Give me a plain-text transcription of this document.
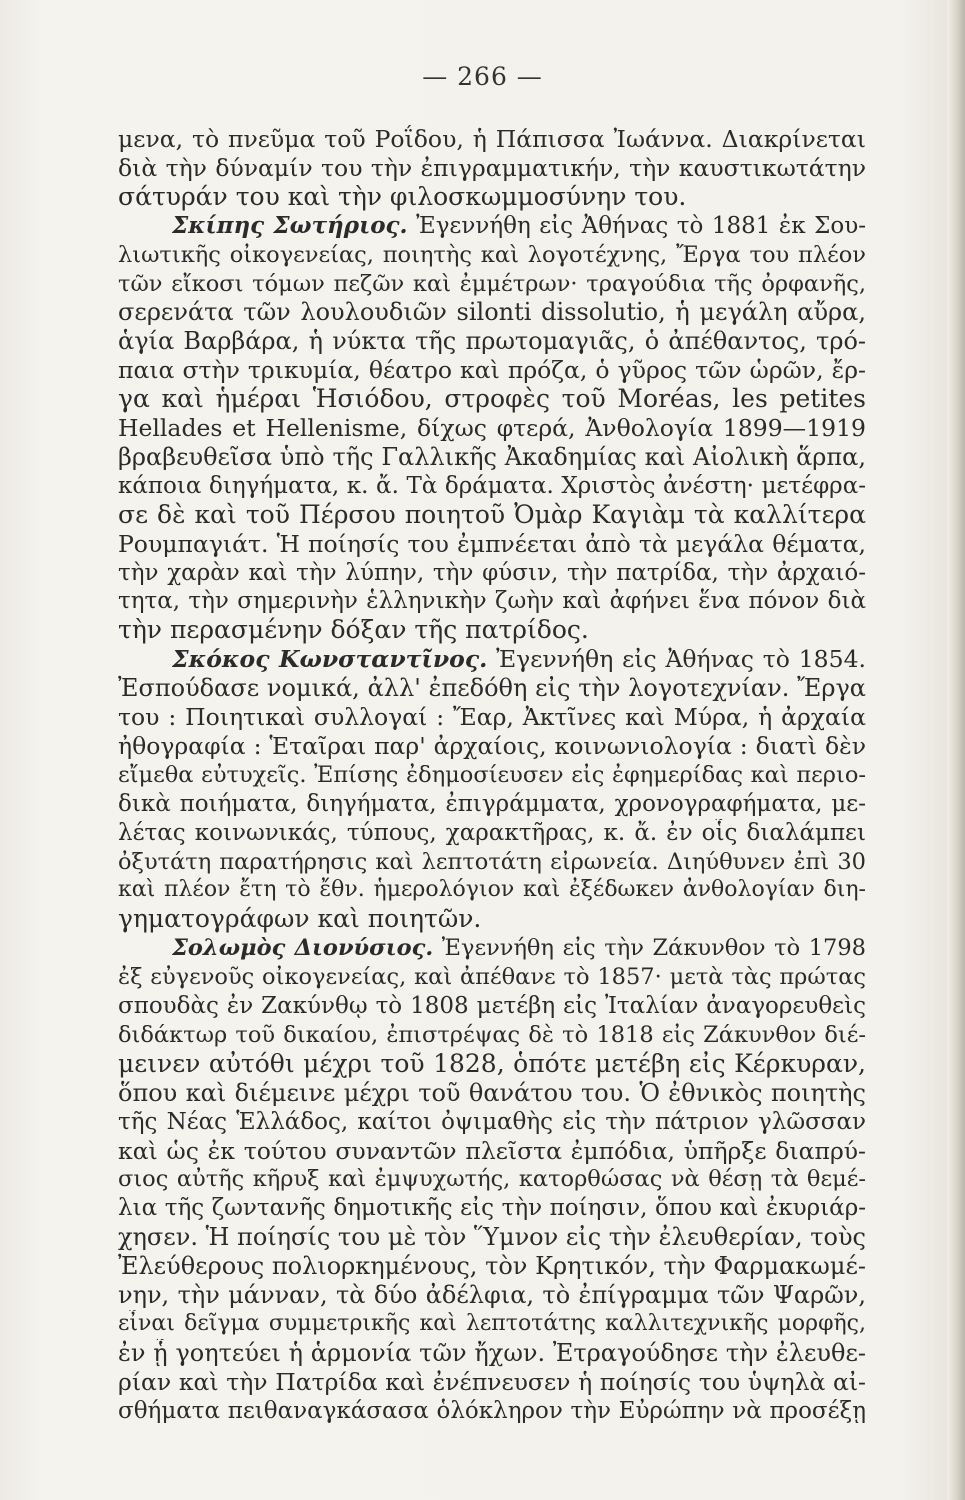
— 266 —
μενα, τὸ πνεῦμα τοῦ Ροΐδου, ἡ Πάπισσα Ἰωάννα. Διακρίνεται
διὰ τὴν δύναμίν του τὴν ἐπιγραμματικήν, τὴν καυστικωτάτην
σάτυράν του καὶ τὴν φιλοσκωμμοσύνην του.
Σκίπης Σωτήριος. Ἐγεννήθη εἰς Ἀθήνας τὸ 1881 ἐκ Σου-
λιωτικῆς οἰκογενείας, ποιητὴς καὶ λογοτέχνης, Ἔργα του πλέον
τῶν εἴκοσι τόμων πεζῶν καὶ ἐμμέτρων· τραγούδια τῆς ὀρφανῆς,
σερενάτα τῶν λουλουδιῶν silonti dissolutio, ἡ μεγάλη αὔρα,
ἁγία Βαρβάρα, ἡ νύκτα τῆς πρωτομαγιᾶς, ὁ ἀπέθαντος, τρό-
παια στὴν τρικυμία, θέατρο καὶ πρόζα, ὁ γῦρος τῶν ὡρῶν, ἔρ-
γα καὶ ἡμέραι Ἡσιόδου, στροφὲς τοῦ Moréas, les petites
Hellades et Hellenisme, δίχως φτερά, Ἀνθολογία 1899—1919
βραβευθεῖσα ὑπὸ τῆς Γαλλικῆς Ἀκαδημίας καὶ Αἰολικὴ ἅρπα,
κάποια διηγήματα, κ. ἄ. Τὰ δράματα. Χριστὸς ἀνέστη· μετέφρα-
σε δὲ καὶ τοῦ Πέρσου ποιητοῦ Ὀμὰρ Καγιὰμ τὰ καλλίτερα
Ρουμπαγιάτ. Ἡ ποίησίς του ἐμπνέεται ἀπὸ τὰ μεγάλα θέματα,
τὴν χαρὰν καὶ τὴν λύπην, τὴν φύσιν, τὴν πατρίδα, τὴν ἀρχαιό-
τητα, τὴν σημερινὴν ἑλληνικὴν ζωὴν καὶ ἀφήνει ἕνα πόνον διὰ
τὴν περασμένην δόξαν τῆς πατρίδος.
Σκόκος Κωνσταντῖνος. Ἐγεννήθη εἰς Ἀθήνας τὸ 1854.
Ἐσπούδασε νομικά, ἀλλ' ἐπεδόθη εἰς τὴν λογοτεχνίαν. Ἔργα
του : Ποιητικαὶ συλλογαί : Ἔαρ, Ἀκτῖνες καὶ Μύρα, ἡ ἀρχαία
ἠθογραφία : Ἑταῖραι παρ' ἀρχαίοις, κοινωνιολογία : διατὶ δὲν
εἴμεθα εὐτυχεῖς. Ἐπίσης ἐδημοσίευσεν εἰς ἐφημερίδας καὶ περιο-
δικὰ ποιήματα, διηγήματα, ἐπιγράμματα, χρονογραφήματα, με-
λέτας κοινωνικάς, τύπους, χαρακτῆρας, κ. ἄ. ἐν οἷς διαλάμπει
ὀξυτάτη παρατήρησις καὶ λεπτοτάτη εἰρωνεία. Διηύθυνεν ἐπὶ 30
καὶ πλέον ἔτη τὸ ἔθν. ἡμερολόγιον καὶ ἐξέδωκεν ἀνθολογίαν διη-
γηματογράφων καὶ ποιητῶν.
Σολωμὸς Διονύσιος. Ἐγεννήθη εἰς τὴν Ζάκυνθον τὸ 1798
ἐξ εὐγενοῦς οἰκογενείας, καὶ ἀπέθανε τὸ 1857· μετὰ τὰς πρώτας
σπουδὰς ἐν Ζακύνθῳ τὸ 1808 μετέβη εἰς Ἰταλίαν ἀναγορευθεὶς
διδάκτωρ τοῦ δικαίου, ἐπιστρέψας δὲ τὸ 1818 εἰς Ζάκυνθον διέ-
μεινεν αὐτόθι μέχρι τοῦ 1828, ὁπότε μετέβη εἰς Κέρκυραν,
ὅπου καὶ διέμεινε μέχρι τοῦ θανάτου του. Ὁ ἐθνικὸς ποιητὴς
τῆς Νέας Ἑλλάδος, καίτοι ὀψιμαθὴς εἰς τὴν πάτριον γλῶσσαν
καὶ ὡς ἐκ τούτου συναντῶν πλεῖστα ἐμπόδια, ὑπῆρξε διαπρύ-
σιος αὐτῆς κῆρυξ καὶ ἐμψυχωτής, κατορθώσας νὰ θέσῃ τὰ θεμέ-
λια τῆς ζωντανῆς δημοτικῆς εἰς τὴν ποίησιν, ὅπου καὶ ἐκυριάρ-
χησεν. Ἡ ποίησίς του μὲ τὸν Ὕμνον εἰς τὴν ἐλευθερίαν, τοὺς
Ἐλεύθερους πολιορκημένους, τὸν Κρητικόν, τὴν Φαρμακωμέ-
νην, τὴν μάνναν, τὰ δύο ἀδέλφια, τὸ ἐπίγραμμα τῶν Ψαρῶν,
εἶναι δεῖγμα συμμετρικῆς καὶ λεπτοτάτης καλλιτεχνικῆς μορφῆς,
ἐν ᾗ γοητεύει ἡ ἁρμονία τῶν ἤχων. Ἐτραγούδησε τὴν ἐλευθε-
ρίαν καὶ τὴν Πατρίδα καὶ ἐνέπνευσεν ἡ ποίησίς του ὑψηλὰ αἰ-
σθήματα πειθαναγκάσασα ὁλόκληρον τὴν Εὐρώπην νὰ προσέξῃ
